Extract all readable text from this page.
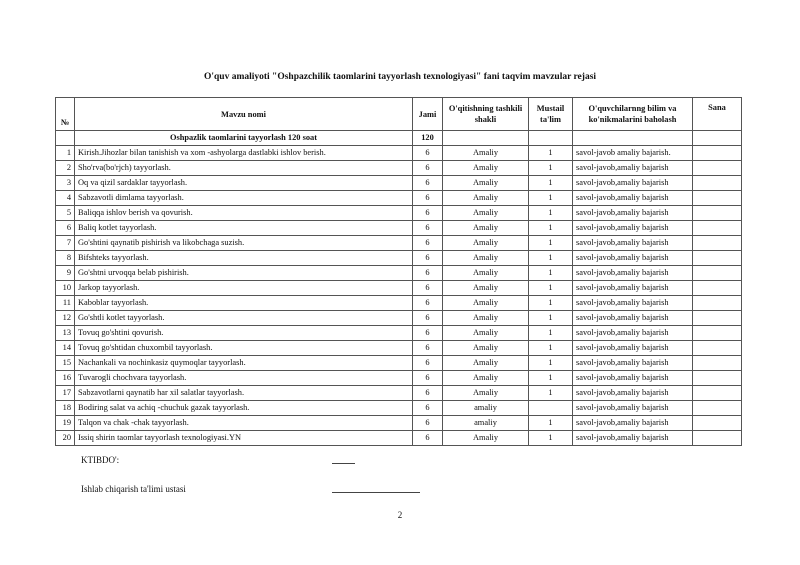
O'quv amaliyoti "Oshpazchilik taomlarini tayyorlash texnologiyasi" fani taqvim mavzular rejasi
№	Mavzu nomi	Jami	O'qitishning tashkili shakli	Mustail ta'lim	O'quvchilarnng bilim va ko'nikmalarini baholash	Sana
	Oshpazlik taomlarini tayyorlash 120 soat	120				
1	Kirish.Jihozlar bilan tanishish va xom -ashyolarga dastlabki ishlov berish.	6	Amaliy	1	savol-javob amaliy bajarish.	
2	Sho'rva(bo'rjch) tayyorlash.	6	Amaliy	1	savol-javob,amaliy bajarish	
3	Oq va qizil sardaklar tayyorlash.	6	Amaliy	1	savol-javob,amaliy bajarish	
4	Sabzavotli dimlama tayyorlash.	6	Amaliy	1	savol-javob,amaliy bajarish	
5	Baliqqa ishlov berish va qovurish.	6	Amaliy	1	savol-javob,amaliy bajarish	
6	Baliq kotlet tayyorlash.	6	Amaliy	1	savol-javob,amaliy bajarish	
7	Go'shtini qaynatib pishirish va likobchaga suzish.	6	Amaliy	1	savol-javob,amaliy bajarish	
8	Bifshteks tayyorlash.	6	Amaliy	1	savol-javob,amaliy bajarish	
9	Go'shtni urvoqqa belab pishirish.	6	Amaliy	1	savol-javob,amaliy bajarish	
10	Jarkop tayyorlash.	6	Amaliy	1	savol-javob,amaliy bajarish	
11	Kaboblar tayyorlash.	6	Amaliy	1	savol-javob,amaliy bajarish	
12	Go'shtli kotlet tayyorlash.	6	Amaliy	1	savol-javob,amaliy bajarish	
13	Tovuq go'shtini qovurish.	6	Amaliy	1	savol-javob,amaliy bajarish	
14	Tovuq go'shtidan chuxombil tayyorlash.	6	Amaliy	1	savol-javob,amaliy bajarish	
15	Nachankali va nochinkasiz quymoqlar tayyorlash.	6	Amaliy	1	savol-javob,amaliy bajarish	
16	Tuvarogli chochvara tayyorlash.	6	Amaliy	1	savol-javob,amaliy bajarish	
17	Sabzavotlarni qaynatib har xil salatlar tayyorlash.	6	Amaliy	1	savol-javob,amaliy bajarish	
18	Bodiring salat va achiq -chuchuk gazak tayyorlash.	6	amaliy		savol-javob,amaliy bajarish	
19	Talqon va chak -chak tayyorlash.	6	amaliy	1	savol-javob,amaliy bajarish	
20	Issiq shirin taomlar tayyorlash texnologiyasi.YN	6	Amaliy	1	savol-javob,amaliy bajarish	
KTIBDO':
Ishlab chiqarish ta'limi ustasi
2
